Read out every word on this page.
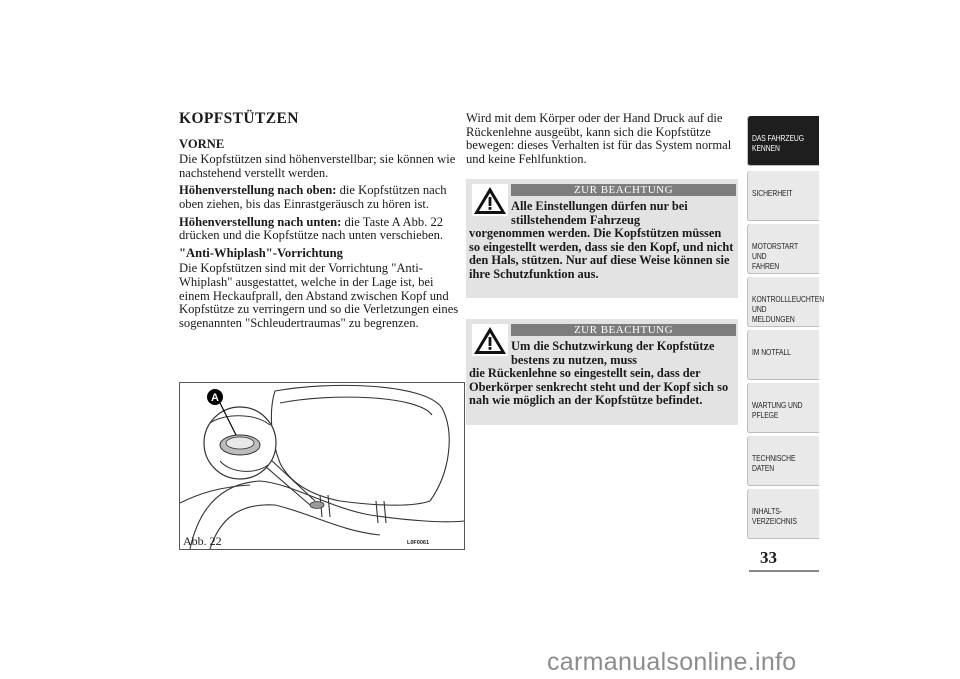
KOPFSTÜTZEN

VORNE

Die Kopfstützen sind höhenverstellbar; sie können wie nachstehend verstellt werden.

Höhenverstellung nach oben: die Kopfstützen nach oben ziehen, bis das Einrastgeräusch zu hören ist.

Höhenverstellung nach unten: die Taste A Abb. 22 drücken und die Kopfstütze nach unten verschieben.

"Anti-Whiplash"-Vorrichtung

Die Kopfstützen sind mit der Vorrichtung "Anti-Whiplash" ausgestattet, welche in der Lage ist, bei einem Heckaufprall, den Abstand zwischen Kopf und Kopfstütze zu verringern und so die Verletzungen eines sogenannten "Schleudertraumas" zu begrenzen.

A
Abb. 22	L0F0061

Wird mit dem Körper oder der Hand Druck auf die Rückenlehne ausgeübt, kann sich die Kopfstütze bewegen: dieses Verhalten ist für das System normal und keine Fehlfunktion.

ZUR BEACHTUNG
Alle Einstellungen dürfen nur bei stillstehendem Fahrzeug
vorgenommen werden. Die Kopfstützen müssen so eingestellt werden, dass sie den Kopf, und nicht den Hals, stützen. Nur auf diese Weise können sie ihre Schutzfunktion aus.
ZUR BEACHTUNG
Um die Schutzwirkung der Kopfstütze bestens zu nutzen, muss
die Rückenlehne so eingestellt sein, dass der Oberkörper senkrecht steht und der Kopf sich so nah wie möglich an der Kopfstütze befindet.
DAS FAHRZEUG
KENNEN
SICHERHEIT

MOTORSTART UND
FAHREN
KONTROLLLEUCHTEN
UND MELDUNGEN
IM NOTFALL

WARTUNG UND
PFLEGE
TECHNISCHE
DATEN
INHALTS-
VERZEICHNIS
33
carmanualsonline.info
